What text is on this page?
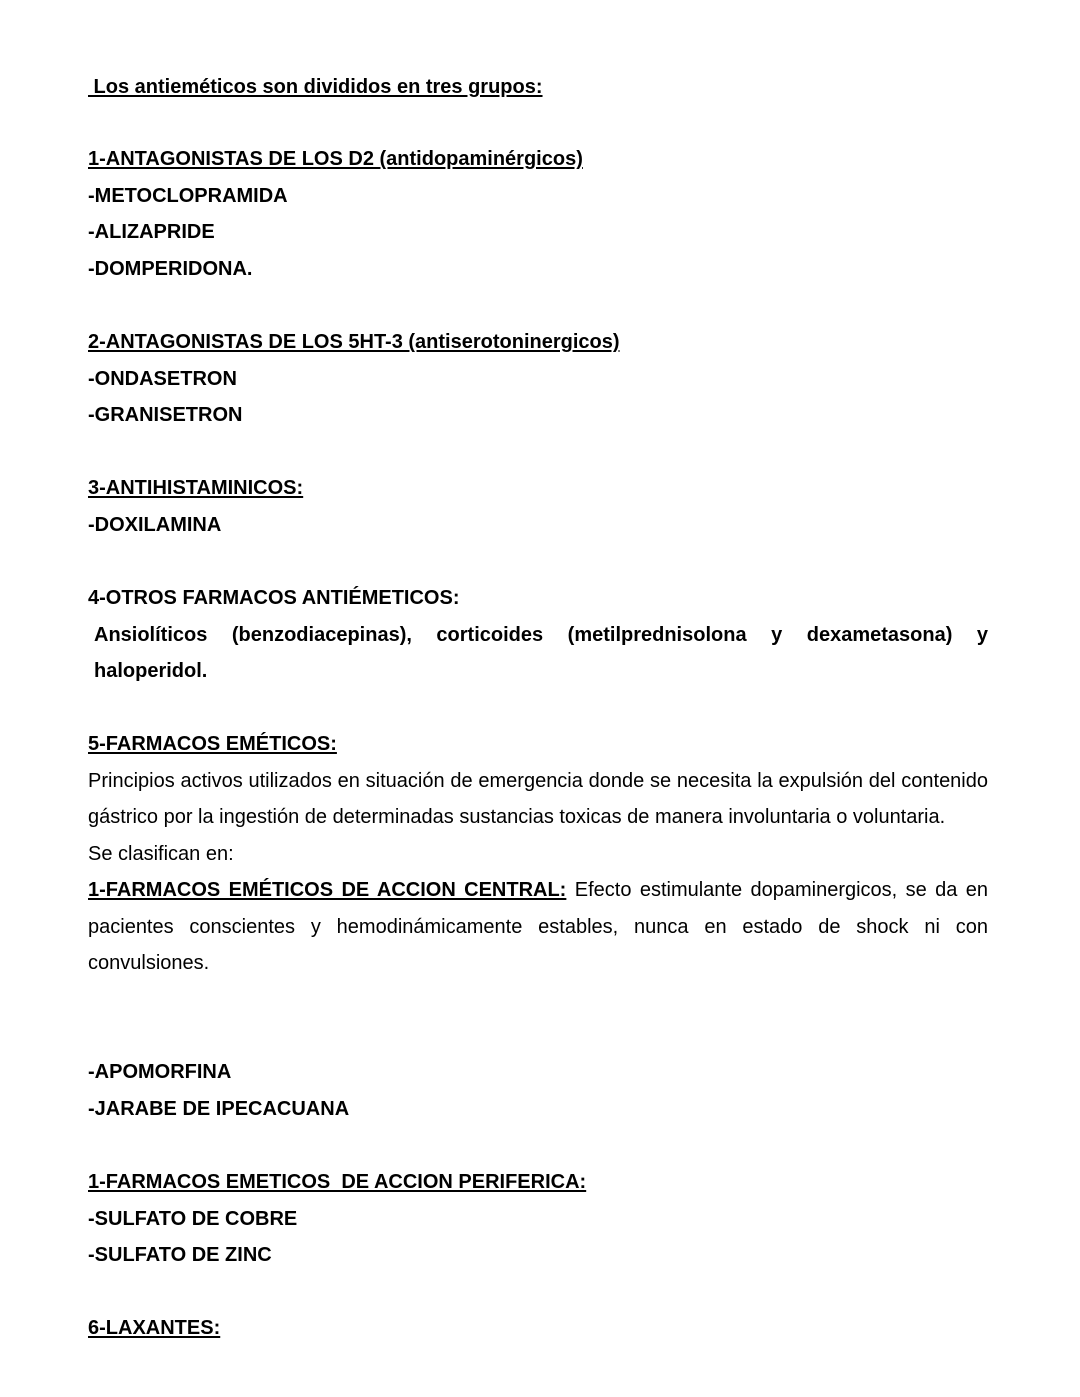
Los antieméticos son divididos en tres grupos:
1-ANTAGONISTAS DE LOS D2 (antidopaminérgicos)
-METOCLOPRAMIDA
-ALIZAPRIDE
-DOMPERIDONA.
2-ANTAGONISTAS DE LOS 5HT-3 (antiserotoninergicos)
-ONDASETRON
-GRANISETRON
3-ANTIHISTAMINICOS:
-DOXILAMINA
4-OTROS FARMACOS ANTIÉMETICOS:
Ansiolíticos (benzodiacepinas), corticoides (metilprednisolona y dexametasona) y haloperidol.
5-FARMACOS EMÉTICOS:
Principios activos utilizados en situación de emergencia donde se necesita la expulsión del contenido gástrico por la ingestión de determinadas sustancias toxicas de manera involuntaria o voluntaria.
Se clasifican en:
1-FARMACOS EMÉTICOS DE ACCION CENTRAL: Efecto estimulante dopaminergicos, se da en pacientes conscientes y hemodinámicamente estables, nunca en estado de shock ni con convulsiones.
-APOMORFINA
-JARABE DE IPECACUANA
1-FARMACOS EMETICOS  DE ACCION PERIFERICA:
-SULFATO DE COBRE
-SULFATO DE ZINC
6-LAXANTES:
